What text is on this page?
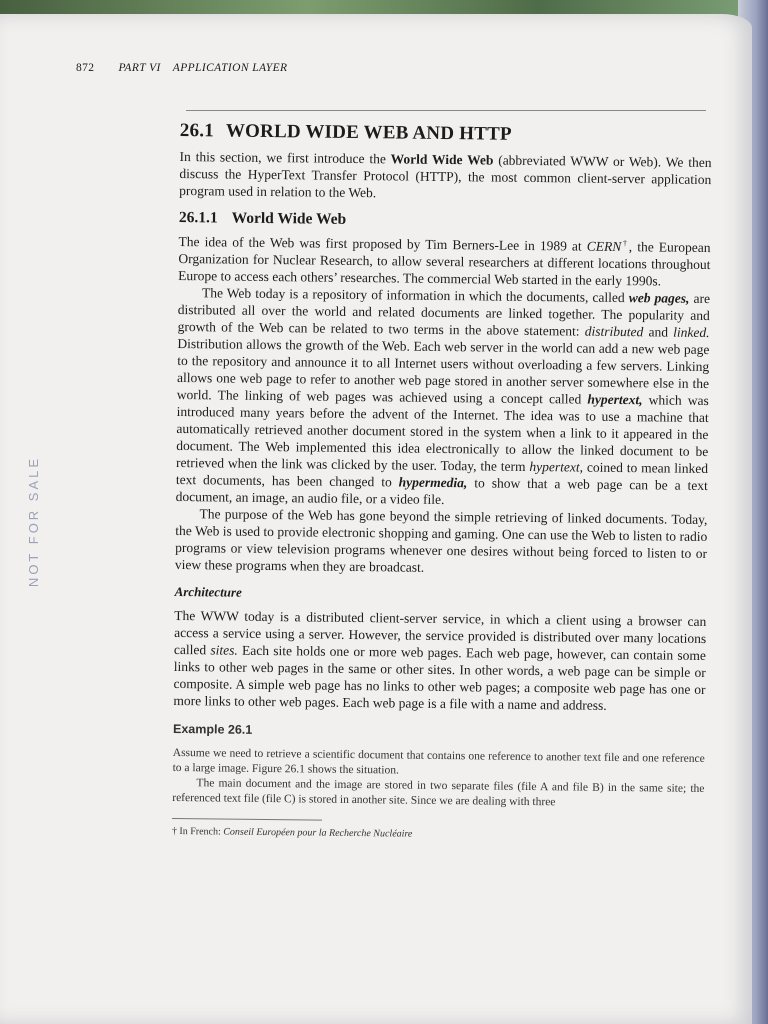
NOT FOR SALE
872 PART VI APPLICATION LAYER
26.1 WORLD WIDE WEB AND HTTP

In this section, we first introduce the World Wide Web (abbreviated WWW or Web). We then discuss the HyperText Transfer Protocol (HTTP), the most common client-server application program used in relation to the Web.

26.1.1 World Wide Web

The idea of the Web was first proposed by Tim Berners-Lee in 1989 at CERN†, the European Organization for Nuclear Research, to allow several researchers at different locations throughout Europe to access each others’ researches. The commercial Web started in the early 1990s.

The Web today is a repository of information in which the documents, called web pages, are distributed all over the world and related documents are linked together. The popularity and growth of the Web can be related to two terms in the above statement: distributed and linked. Distribution allows the growth of the Web. Each web server in the world can add a new web page to the repository and announce it to all Internet users without overloading a few servers. Linking allows one web page to refer to another web page stored in another server somewhere else in the world. The linking of web pages was achieved using a concept called hypertext, which was introduced many years before the advent of the Internet. The idea was to use a machine that automatically retrieved another document stored in the system when a link to it appeared in the document. The Web implemented this idea electronically to allow the linked document to be retrieved when the link was clicked by the user. Today, the term hypertext, coined to mean linked text documents, has been changed to hypermedia, to show that a web page can be a text document, an image, an audio file, or a video file.

The purpose of the Web has gone beyond the simple retrieving of linked documents. Today, the Web is used to provide electronic shopping and gaming. One can use the Web to listen to radio programs or view television programs whenever one desires without being forced to listen to or view these programs when they are broadcast.

Architecture

The WWW today is a distributed client-server service, in which a client using a browser can access a service using a server. However, the service provided is distributed over many locations called sites. Each site holds one or more web pages. Each web page, however, can contain some links to other web pages in the same or other sites. In other words, a web page can be simple or composite. A simple web page has no links to other web pages; a composite web page has one or more links to other web pages. Each web page is a file with a name and address.

Example 26.1

Assume we need to retrieve a scientific document that contains one reference to another text file and one reference to a large image. Figure 26.1 shows the situation.

The main document and the image are stored in two separate files (file A and file B) in the same site; the referenced text file (file C) is stored in another site. Since we are dealing with three

† In French: Conseil Européen pour la Recherche Nucléaire
